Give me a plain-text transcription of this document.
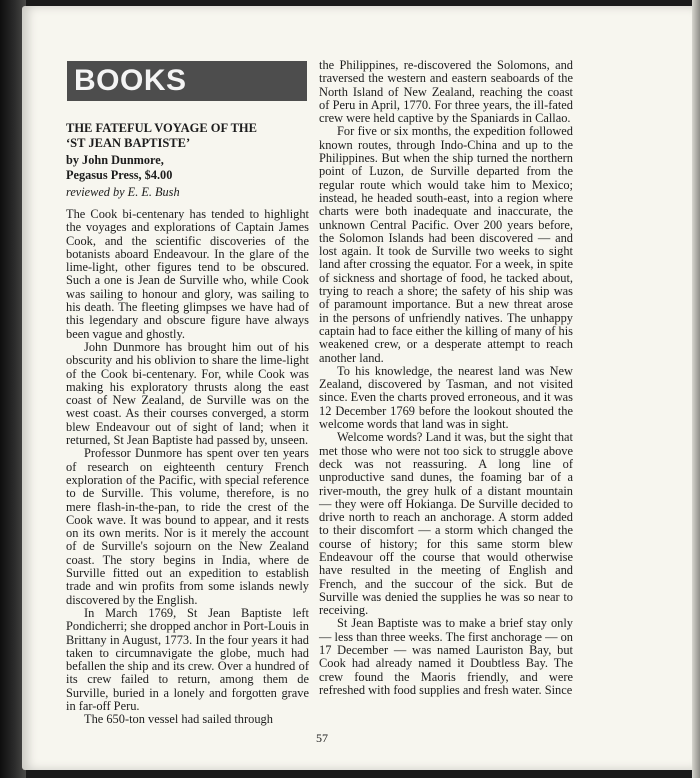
BOOKS
THE FATEFUL VOYAGE OF THE
‘ST JEAN BAPTISTE’
by John Dunmore,
Pegasus Press, $4.00
reviewed by E. E. Bush

The Cook bi-centenary has tended to highlight the voyages and explorations of Captain James Cook, and the scientific discoveries of the botanists aboard Endeavour. In the glare of the lime-light, other figures tend to be obscured. Such a one is Jean de Surville who, while Cook was sailing to honour and glory, was sailing to his death. The fleeting glimpses we have had of this legendary and obscure figure have always been vague and ghostly.

John Dunmore has brought him out of his obscurity and his oblivion to share the lime-light of the Cook bi-centenary. For, while Cook was making his exploratory thrusts along the east coast of New Zealand, de Surville was on the west coast. As their courses converged, a storm blew Endeavour out of sight of land; when it returned, St Jean Baptiste had passed by, unseen.

Professor Dunmore has spent over ten years of research on eighteenth century French exploration of the Pacific, with special reference to de Surville. This volume, therefore, is no mere flash-in-the-pan, to ride the crest of the Cook wave. It was bound to appear, and it rests on its own merits. Nor is it merely the account of de Surville's sojourn on the New Zealand coast. The story begins in India, where de Surville fitted out an expedition to establish trade and win profits from some islands newly discovered by the English.

In March 1769, St Jean Baptiste left Pondicherri; she dropped anchor in Port-Louis in Brittany in August, 1773. In the four years it had taken to circumnavigate the globe, much had befallen the ship and its crew. Over a hundred of its crew failed to return, among them de Surville, buried in a lonely and forgotten grave in far-off Peru.

The 650-ton vessel had sailed through

the Philippines, re-discovered the Solomons, and traversed the western and eastern seaboards of the North Island of New Zealand, reaching the coast of Peru in April, 1770. For three years, the ill-fated crew were held captive by the Spaniards in Callao.

For five or six months, the expedition followed known routes, through Indo-China and up to the Philippines. But when the ship turned the northern point of Luzon, de Surville departed from the regular route which would take him to Mexico; instead, he headed south-east, into a region where charts were both inadequate and inaccurate, the unknown Central Pacific. Over 200 years before, the Solomon Islands had been discovered — and lost again. It took de Surville two weeks to sight land after crossing the equator. For a week, in spite of sickness and shortage of food, he tacked about, trying to reach a shore; the safety of his ship was of paramount importance. But a new threat arose in the persons of unfriendly natives. The unhappy captain had to face either the killing of many of his weakened crew, or a desperate attempt to reach another land.

To his knowledge, the nearest land was New Zealand, discovered by Tasman, and not visited since. Even the charts proved erroneous, and it was 12 December 1769 before the lookout shouted the welcome words that land was in sight.

Welcome words? Land it was, but the sight that met those who were not too sick to struggle above deck was not reassuring. A long line of unproductive sand dunes, the foaming bar of a river-mouth, the grey hulk of a distant mountain — they were off Hokianga. De Surville decided to drive north to reach an anchorage. A storm added to their discomfort — a storm which changed the course of history; for this same storm blew Endeavour off the course that would otherwise have resulted in the meeting of English and French, and the succour of the sick. But de Surville was denied the supplies he was so near to receiving.

St Jean Baptiste was to make a brief stay only — less than three weeks. The first anchorage — on 17 December — was named Lauriston Bay, but Cook had already named it Doubtless Bay. The crew found the Maoris friendly, and were refreshed with food supplies and fresh water. Since

57
